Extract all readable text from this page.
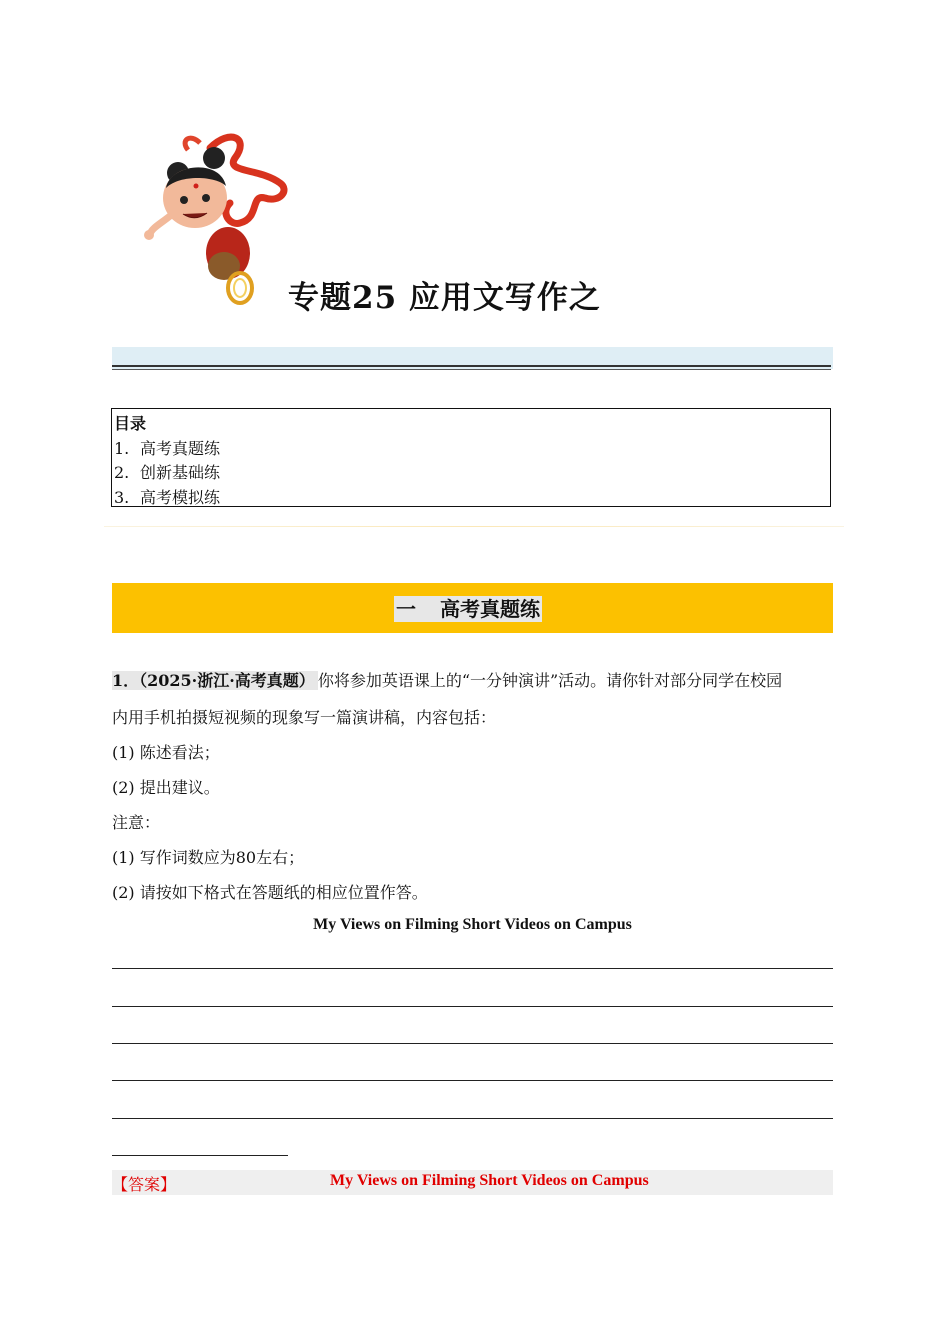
专题25 应用文写作之
目录
1. 高考真题练
2. 创新基础练
3. 高考模拟练
一 高考真题练
1．（2025·浙江·高考真题） 你将参加英语课上的“一分钟演讲”活动。请你针对部分同学在校园
内用手机拍摄短视频的现象写一篇演讲稿，内容包括：
(1) 陈述看法；
(2) 提出建议。
注意：
(1) 写作词数应为80左右；
(2) 请按如下格式在答题纸的相应位置作答。
My Views on Filming Short Videos on Campus
【答案】	My Views on Filming Short Videos on Campus
